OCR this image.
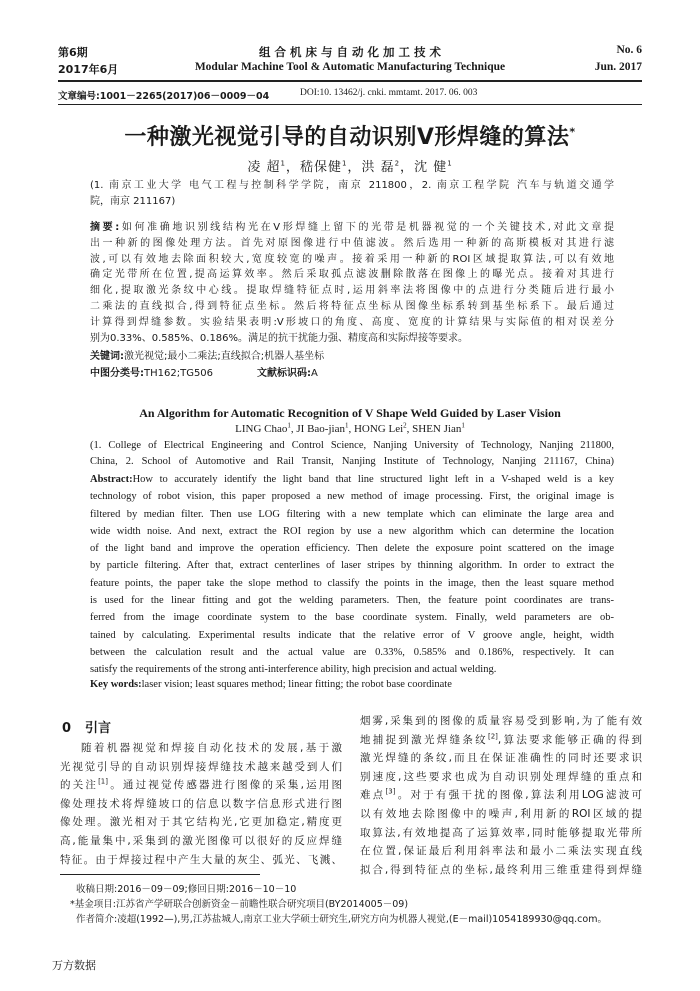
第6期
2017年6月
组 合 机 床 与 自 动 化 加 工 技 术
Modular Machine Tool & Automatic Manufacturing Technique
No. 6
Jun. 2017
文章编号:1001－2265(2017)06－0009－04	DOI:10. 13462/j. cnki. mmtamt. 2017. 06. 003
一种激光视觉引导的自动识别V形焊缝的算法*
凌 超$^1$，嵇保健$^1$，洪 磊$^2$，沈 健$^1$
(1. 南京工业大学 电气工程与控制科学学院，南京 211800，2. 南京工程学院 汽车与轨道交通学
院，南京 211167)
摘要:如何准确地识别线结构光在V形焊缝上留下的光带是机器视觉的一个关键技术,对此文章提
出一种新的图像处理方法。首先对原图像进行中值滤波。然后选用一种新的高斯模板对其进行滤
波,可以有效地去除面积较大,宽度较宽的噪声。接着采用一种新的ROI区域提取算法,可以有效地
确定光带所在位置,提高运算效率。然后采取孤点滤波删除散落在图像上的曝光点。接着对其进行
细化,提取激光条纹中心线。提取焊缝特征点时,运用斜率法将图像中的点进行分类随后进行最小
二乘法的直线拟合,得到特征点坐标。然后将特征点坐标从图像坐标系转到基坐标系下。最后通过
计算得到焊缝参数。实验结果表明:V形坡口的角度、高度、宽度的计算结果与实际值的相对误差分
别为0.33%、0.585%、0.186%。满足的抗干扰能力强、精度高和实际焊接等要求。
关键词:激光视觉;最小二乘法;直线拟合;机器人基坐标
中图分类号:TH162;TG506	文献标识码:A
An Algorithm for Automatic Recognition of V Shape Weld Guided by Laser Vision
LING Chao$^1$, JI Bao-jian$^1$, HONG Lei$^2$, SHEN Jian$^1$
(1. College of Electrical Engineering and Control Science, Nanjing University of Technology, Nanjing 211800,
China, 2. School of Automotive and Rail Transit, Nanjing Institute of Technology, Nanjing 211167, China)
Abstract:How to accurately identify the light band that line structured light left in a V-shaped weld is a key
technology of robot vision, this paper proposed a new method of image processing. First, the original image is
filtered by median filter. Then use LOG filtering with a new template which can eliminate the large area and
wide width noise. And next, extract the ROI region by use a new algorithm which can determine the location
of the light band and improve the operation efficiency. Then delete the exposure point scattered on the image
by particle filtering. After that, extract centerlines of laser stripes by thinning algorithm. In order to extract the
feature points, the paper take the slope method to classify the points in the image, then the least square method
is used for the linear fitting and got the welding parameters. Then, the feature point coordinates are trans-
ferred from the image coordinate system to the base coordinate system. Finally, weld parameters are ob-
tained by calculating. Experimental results indicate that the relative error of V groove angle, height, width
between the calculation result and the actual value are 0.33%, 0.585% and 0.186%, respectively. It can
satisfy the requirements of the strong anti-interference ability, high precision and actual welding.
Key words:laser vision; least squares method; linear fitting; the robot base coordinate
0 引言
随着机器视觉和焊接自动化技术的发展,基于激
光视觉引导的自动识别焊接焊缝技术越来越受到人们
的关注[1]。通过视觉传感器进行图像的采集,运用图
像处理技术将焊缝坡口的信息以数字信息形式进行图
像处理。激光相对于其它结构光,它更加稳定,精度更
高,能量集中,采集到的激光图像可以很好的反应焊缝
特征。由于焊接过程中产生大量的灰尘、弧光、飞溅、
烟雾,采集到的图像的质量容易受到影响,为了能有效
地捕捉到激光焊缝条纹[2],算法要求能够正确的得到
激光焊缝的条纹,而且在保证准确性的同时还要求识
别速度,这些要求也成为自动识别处理焊缝的重点和
难点[3]。对于有强干扰的图像,算法利用LOG滤波可
以有效地去除图像中的噪声,利用新的ROI区域的提
取算法,有效地提高了运算效率,同时能够提取光带所
在位置,保证最后利用斜率法和最小二乘法实现直线
拟合,得到特征点的坐标,最终利用三维重建得到焊缝
收稿日期:2016－09－09;修回日期:2016－10－10
*基金项目:江苏省产学研联合创新资金－前瞻性联合研究项目(BY2014005－09)
作者简介:凌超(1992—),男,江苏盐城人,南京工业大学硕士研究生,研究方向为机器人视觉,(E－mail)1054189930@qq.com。
万方数据
